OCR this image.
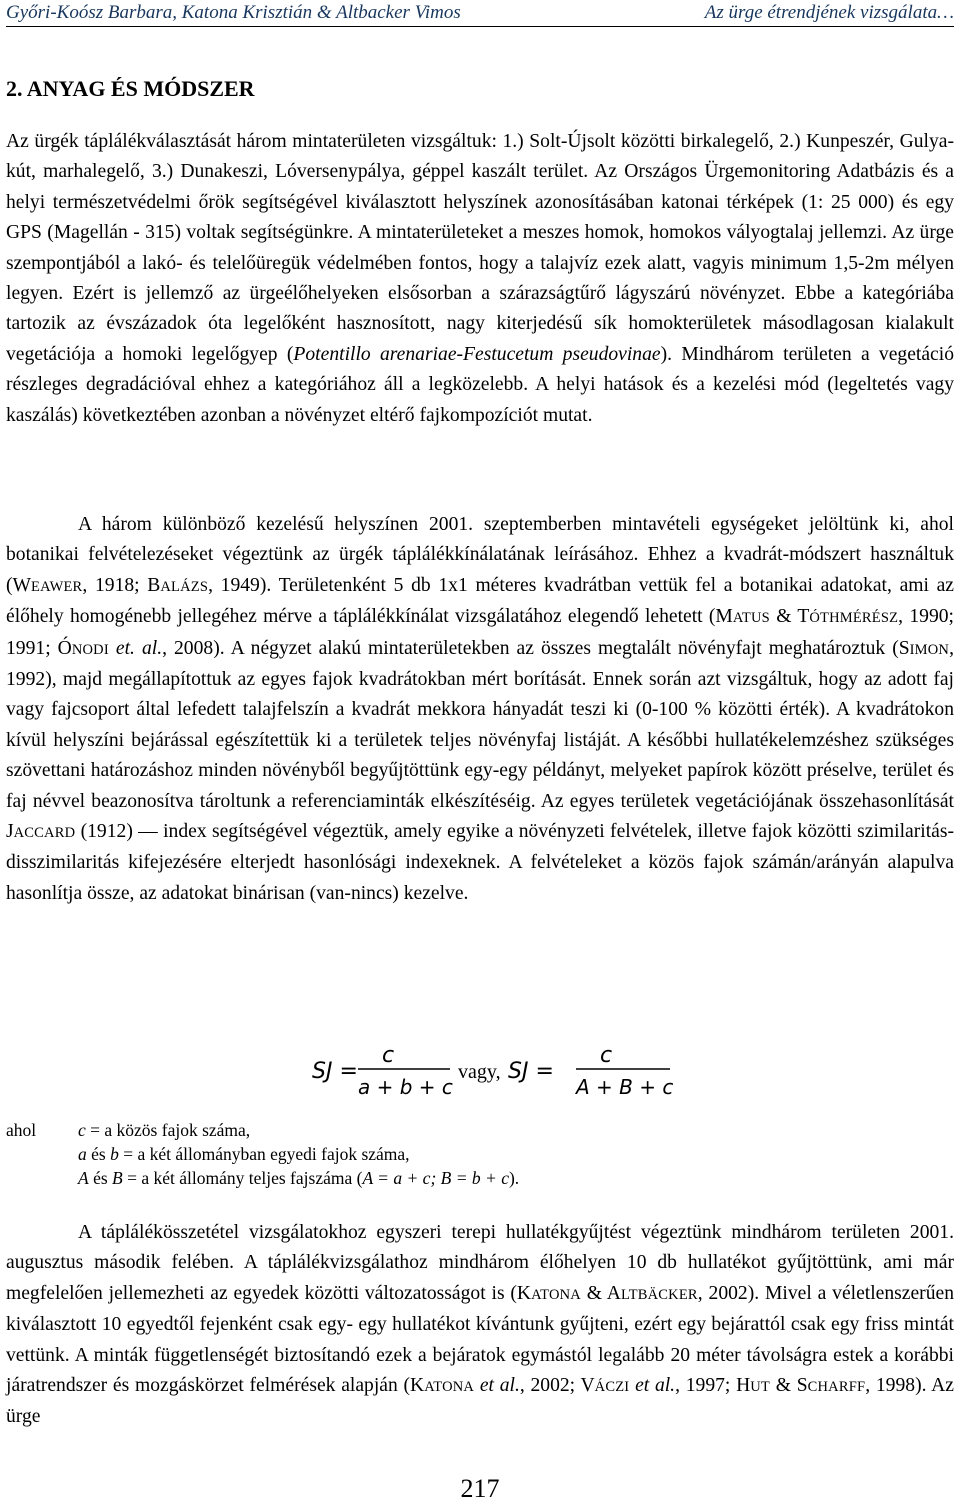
Győri-Koósz Barbara, Katona Krisztián & Altbacker Vimos	Az ürge étrendjének vizsgálata…
2. ANYAG ÉS MÓDSZER
Az ürgék táplálékválasztását három mintaterületen vizsgáltuk: 1.) Solt-Újsolt közötti birkalegelő, 2.) Kunpeszér, Gulya-kút, marhalegelő, 3.) Dunakeszi, Lóversenypálya, géppel kaszált terület. Az Országos Ürgemonitoring Adatbázis és a helyi természetvédelmi őrök segítségével kiválasztott helyszínek azonosításában katonai térképek (1: 25 000) és egy GPS (Magellán - 315) voltak segítségünkre. A mintaterületeket a meszes homok, homokos vályogtalaj jellemzi. Az ürge szempontjából a lakó- és telelőüregük védelmében fontos, hogy a talajvíz ezek alatt, vagyis minimum 1,5-2m mélyen legyen. Ezért is jellemző az ürgeélőhelyeken elsősorban a szárazságtűrő lágyszárú növényzet. Ebbe a kategóriába tartozik az évszázadok óta legelőként hasznosított, nagy kiterjedésű sík homokterületek másodlagosan kialakult vegetációja a homoki legelőgyep (Potentillo arenariae-Festucetum pseudovinae). Mindhárom területen a vegetáció részleges degradációval ehhez a kategóriához áll a legközelebb. A helyi hatások és a kezelési mód (legeltetés vagy kaszálás) következtében azonban a növényzet eltérő fajkompozíciót mutat.
A három különböző kezelésű helyszínen 2001. szeptemberben mintavételi egységeket jelöltünk ki, ahol botanikai felvételezéseket végeztünk az ürgék táplálékkínálatának leírásához. Ehhez a kvadrát-módszert használtuk (WEAWER, 1918; BALÁZS, 1949). Területenként 5 db 1x1 méteres kvadrátban vettük fel a botanikai adatokat, ami az élőhely homogénebb jellegéhez mérve a táplálékkínálat vizsgálatához elegendő lehetett (MATUS & TÓTHMÉRÉSZ, 1990; 1991; ÓNODI et. al., 2008). A négyzet alakú mintaterületekben az összes megtalált növényfajt meghatároztuk (SIMON, 1992), majd megállapítottuk az egyes fajok kvadrátokban mért borítását. Ennek során azt vizsgáltuk, hogy az adott faj vagy fajcsoport által lefedett talajfelszín a kvadrát mekkora hányadát teszi ki (0-100 % közötti érték). A kvadrátokon kívül helyszíni bejárással egészítettük ki a területek teljes növényfaj listáját. A későbbi hullatékelemzéshez szükséges szövettani határozáshoz minden növényből begyűjtöttünk egy-egy példányt, melyeket papírok között préselve, terület és faj névvel beazonosítva tároltunk a referenciaminták elkészítéséig. Az egyes területek vegetációjának összehasonlítását JACCARD (1912) — index segítségével végeztük, amely egyike a növényzeti felvételek, illetve fajok közötti szimilaritás-disszimilaritás kifejezésére elterjedt hasonlósági indexeknek. A felvételeket a közös fajok számán/arányán alapulva hasonlítja össze, az adatokat binárisan (van-nincs) kezelve.
SJ =
c
a + b + c
vagy, SJ =
c
A + B + c
ahol c = a közös fajok száma,
a és b = a két állományban egyedi fajok száma,
A és B = a két állomány teljes fajszáma (A = a + c; B = b + c).
A táplálékösszetétel vizsgálatokhoz egyszeri terepi hullatékgyűjtést végeztünk mindhárom területen 2001. augusztus második felében. A táplálékvizsgálathoz mindhárom élőhelyen 10 db hullatékot gyűjtöttünk, ami már megfelelően jellemezheti az egyedek közötti változatosságot is (KATONA & ALTBÄCKER, 2002). Mivel a véletlenszerűen kiválasztott 10 egyedtől fejenként csak egy- egy hullatékot kívántunk gyűjteni, ezért egy bejárattól csak egy friss mintát vettünk. A minták függetlenségét biztosítandó ezek a bejáratok egymástól legalább 20 méter távolságra estek a korábbi járatrendszer és mozgáskörzet felmérések alapján (KATONA et al., 2002; VÁCZI et al., 1997; HUT & SCHARFF, 1998). Az ürge
217
